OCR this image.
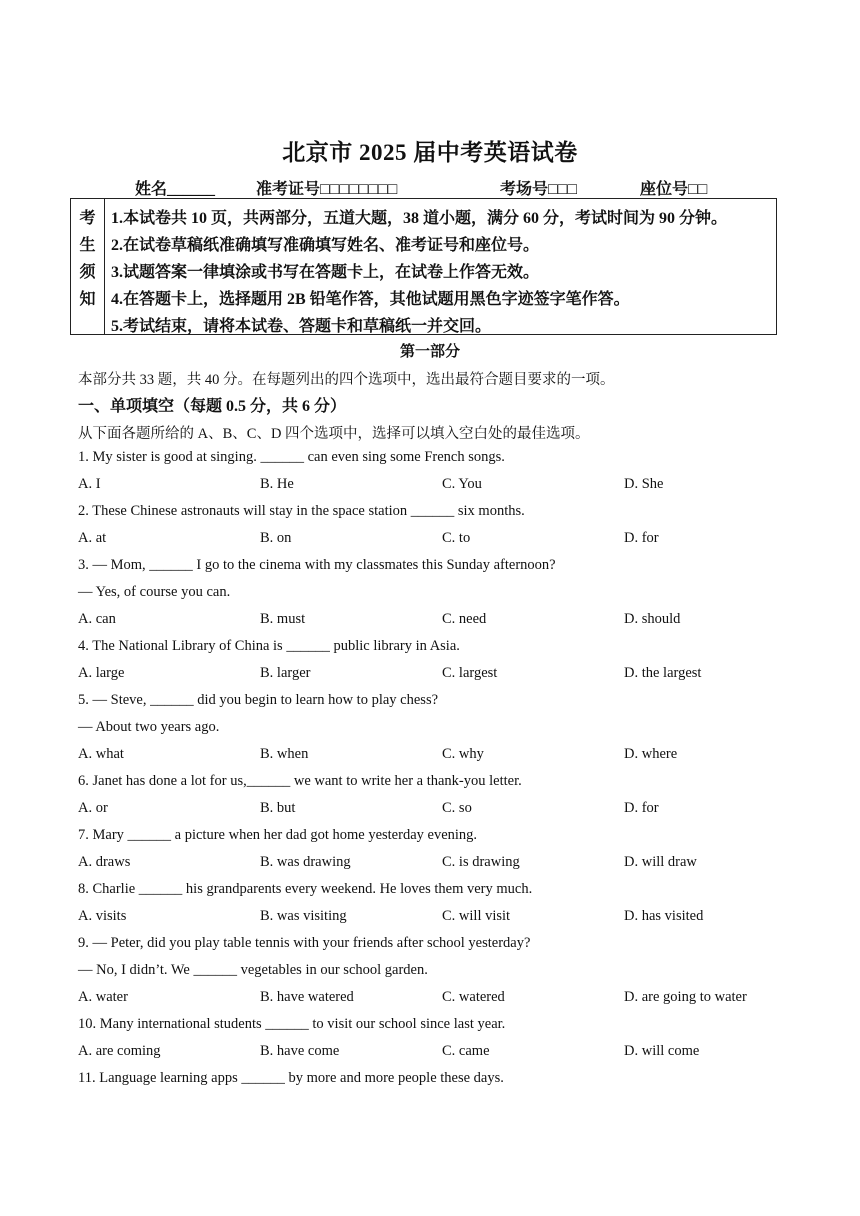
北京市 2025 届中考英语试卷
姓名______	准考证号□□□□□□□□	考场号□□□	座位号□□
考
生
须
知
1.本试卷共 10 页，共两部分，五道大题，38 道小题，满分 60 分，考试时间为 90 分钟。
2.在试卷草稿纸准确填写准确填写姓名、准考证号和座位号。
3.试题答案一律填涂或书写在答题卡上，在试卷上作答无效。
4.在答题卡上，选择题用 2B 铅笔作答，其他试题用黑色字迹签字笔作答。
5.考试结束，请将本试卷、答题卡和草稿纸一并交回。
第一部分
本部分共 33 题，共 40 分。在每题列出的四个选项中，选出最符合题目要求的一项。
一、单项填空（每题 0.5 分，共 6 分）
从下面各题所给的 A、B、C、D 四个选项中，选择可以填入空白处的最佳选项。
1. My sister is good at singing. ______ can even sing some French songs.
A. I	B. He	C. You	D. She
2. These Chinese astronauts will stay in the space station ______ six months.
A. at	B. on	C. to	D. for
3. — Mom, ______ I go to the cinema with my classmates this Sunday afternoon?
— Yes, of course you can.
A. can	B. must	C. need	D. should
4. The National Library of China is ______ public library in Asia.
A. large	B. larger	C. largest	D. the largest
5. — Steve, ______ did you begin to learn how to play chess?
— About two years ago.
A. what	B. when	C. why	D. where
6. Janet has done a lot for us,______ we want to write her a thank-you letter.
A. or	B. but	C. so	D. for
7. Mary ______ a picture when her dad got home yesterday evening.
A. draws	B. was drawing	C. is drawing	D. will draw
8. Charlie ______ his grandparents every weekend. He loves them very much.
A. visits	B. was visiting	C. will visit	D. has visited
9. — Peter, did you play table tennis with your friends after school yesterday?
— No, I didn’t. We ______ vegetables in our school garden.
A. water	B. have watered	C. watered	D. are going to water
10. Many international students ______ to visit our school since last year.
A. are coming	B. have come	C. came	D. will come
11. Language learning apps ______ by more and more people these days.
